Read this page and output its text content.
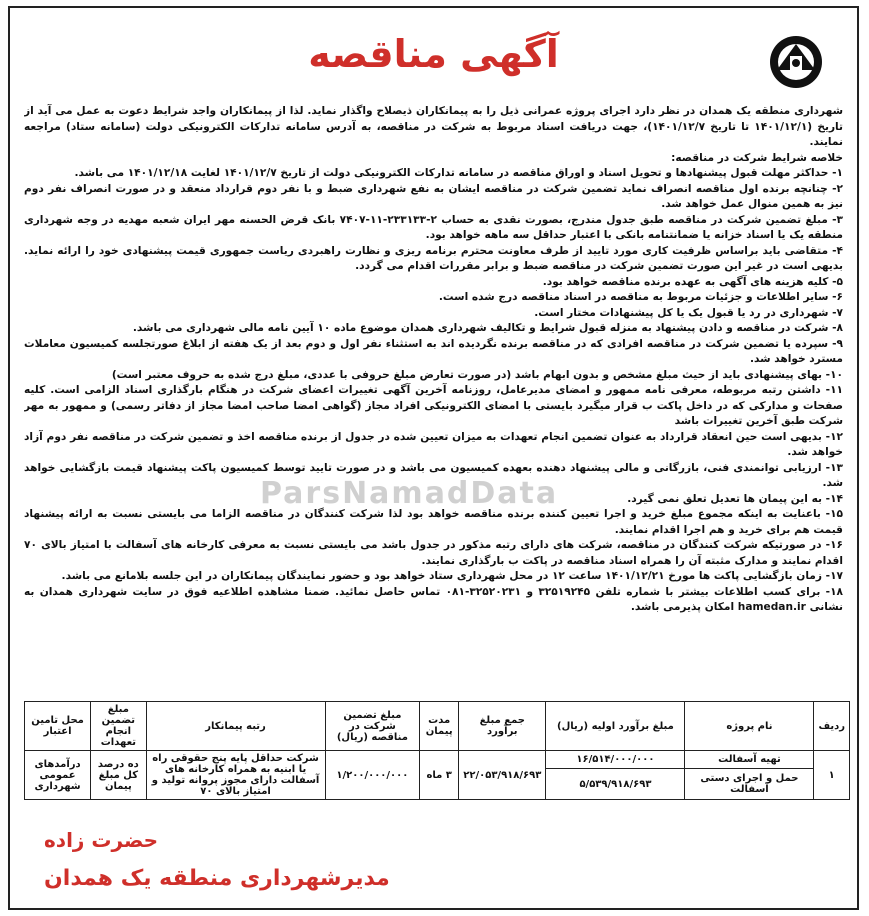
آگهی مناقصه

شهرداری منطقه یک همدان در نظر دارد اجرای پروژه عمرانی ذیل را به پیمانکاران ذیصلاح واگذار نماید. لذا از پیمانکاران واجد شرایط دعوت به عمل می آید از تاریخ (۱۴۰۱/۱۲/۱ تا تاریخ ۱۴۰۱/۱۲/۷)، جهت دریافت اسناد مربوط به شرکت در مناقصه، به آدرس سامانه تدارکات الکترونیکی دولت (سامانه ستاد) مراجعه نمایند.

خلاصه شرایط شرکت در مناقصه:

۱- حداکثر مهلت قبول پیشنهادها و تحویل اسناد و اوراق مناقصه در سامانه تدارکات الکترونیکی دولت از تاریخ ۱۴۰۱/۱۲/۷ لغایت ۱۴۰۱/۱۲/۱۸ می باشد.

۲- چنانچه برنده اول مناقصه انصراف نماید تضمین شرکت در مناقصه ایشان به نفع شهرداری ضبط و با نفر دوم قرارداد منعقد و در صورت انصراف نفر دوم نیز به همین منوال عمل خواهد شد.

۳- مبلغ تضمین شرکت در مناقصه طبق جدول مندرج، بصورت نقدی به حساب ۲-۲۳۳۱۳۳-۱۱-۷۴۰۷ بانک قرض الحسنه مهر ایران شعبه مهدیه در وجه شهرداری منطقه یک یا اسناد خزانه یا ضمانتنامه بانکی با اعتبار حداقل سه ماهه خواهد بود.

۴- متقاضی باید براساس ظرفیت کاری مورد تایید از طرف معاونت محترم برنامه ریزی و نظارت راهبردی ریاست جمهوری قیمت پیشنهادی خود را ارائه نماید. بدیهی است در غیر این صورت تضمین شرکت در مناقصه ضبط و برابر مقررات اقدام می گردد.

۵- کلیه هزینه های آگهی به عهده برنده مناقصه خواهد بود.

۶- سایر اطلاعات و جزئیات مربوط به مناقصه در اسناد مناقصه درج شده است.

۷- شهرداری در رد یا قبول یک یا کل پیشنهادات مختار است.

۸- شرکت در مناقصه و دادن پیشنهاد به منزله قبول شرایط و تکالیف شهرداری همدان موضوع ماده ۱۰ آیین نامه مالی شهرداری می باشد.

۹- سپرده یا تضمین شرکت در مناقصه افرادی که در مناقصه برنده نگردیده اند به استثناء نفر اول و دوم بعد از یک هفته از ابلاغ صورتجلسه کمیسیون معاملات مسترد خواهد شد.

۱۰- بهای پیشنهادی باید از حیث مبلغ مشخص و بدون ابهام باشد (در صورت تعارض مبلغ حروفی با عددی، مبلغ درج شده به حروف معتبر است)

۱۱- داشتن رتبه مربوطه، معرفی نامه ممهور و امضای مدیرعامل، روزنامه آخرین آگهی تغییرات اعضای شرکت در هنگام بارگذاری اسناد الزامی است. کلیه صفحات و مدارکی که در داخل پاکت ب قرار میگیرد بایستی با امضای الکترونیکی افراد مجاز (گواهی امضا صاحب امضا مجاز از دفاتر رسمی) و ممهور به مهر شرکت طبق آخرین تغییرات باشد

۱۲- بدیهی است حین انعقاد قرارداد به عنوان تضمین انجام تعهدات به میزان تعیین شده در جدول از برنده مناقصه اخذ و تضمین شرکت در مناقصه نفر دوم آزاد خواهد شد.

۱۳- ارزیابی توانمندی فنی، بازرگانی و مالی پیشنهاد دهنده بعهده کمیسیون می باشد و در صورت تایید توسط کمیسیون پاکت پیشنهاد قیمت بازگشایی خواهد شد.

۱۴- به این پیمان ها تعدیل تعلق نمی گیرد.

۱۵- باعنایت به اینکه مجموع مبلغ خرید و اجرا تعیین کننده برنده مناقصه خواهد بود لذا شرکت کنندگان در مناقصه الزاما می بایستی نسبت به ارائه پیشنهاد قیمت هم برای خرید و هم اجرا اقدام نمایند.

۱۶- در صورتیکه شرکت کنندگان در مناقصه، شرکت های دارای رتبه مذکور در جدول باشد می بایستی نسبت به معرفی کارخانه های آسفالت با امتیاز بالای ۷۰ اقدام نمایند و مدارک مثبته آن را همراه اسناد مناقصه در پاکت ب بارگذاری نمایند.

۱۷- زمان بازگشایی پاکت ها مورخ ۱۴۰۱/۱۲/۲۱ ساعت ۱۲ در محل شهرداری ستاد خواهد بود و حضور نمایندگان پیمانکاران در این جلسه بلامانع می باشد.

۱۸- برای کسب اطلاعات بیشتر با شماره تلفن ۳۲۵۱۹۲۴۵ و ۳۲۵۲۰۲۳۱-۰۸۱ تماس حاصل نمائید. ضمنا مشاهده اطلاعیه فوق در سایت شهرداری همدان به نشانی hamedan.ir امکان پذیرمی باشد.

ParsNamadData
ردیف	نام پروژه	مبلغ برآورد اولیه (ریال)	جمع مبلغ برآورد	مدت پیمان	مبلغ تضمین شرکت در مناقصه (ریال)	رتبه پیمانکار	مبلغ تضمین انجام تعهدات	محل تامین اعتبار
۱	تهیه آسفالت	۱۶/۵۱۴/۰۰۰/۰۰۰	۲۲/۰۵۳/۹۱۸/۶۹۳	۳ ماه	۱/۲۰۰/۰۰۰/۰۰۰	شرکت حداقل پایه پنج حقوقی راه یا ابنیه به همراه کارخانه های آسفالت دارای مجوز پروانه تولید و امتیاز بالای ۷۰	ده درصد کل مبلغ پیمان	درآمدهای عمومی شهرداری
	حمل و اجرای دستی آسفالت	۵/۵۳۹/۹۱۸/۶۹۳						
حضرت زاده
مدیرشهرداری منطقه یک همدان
